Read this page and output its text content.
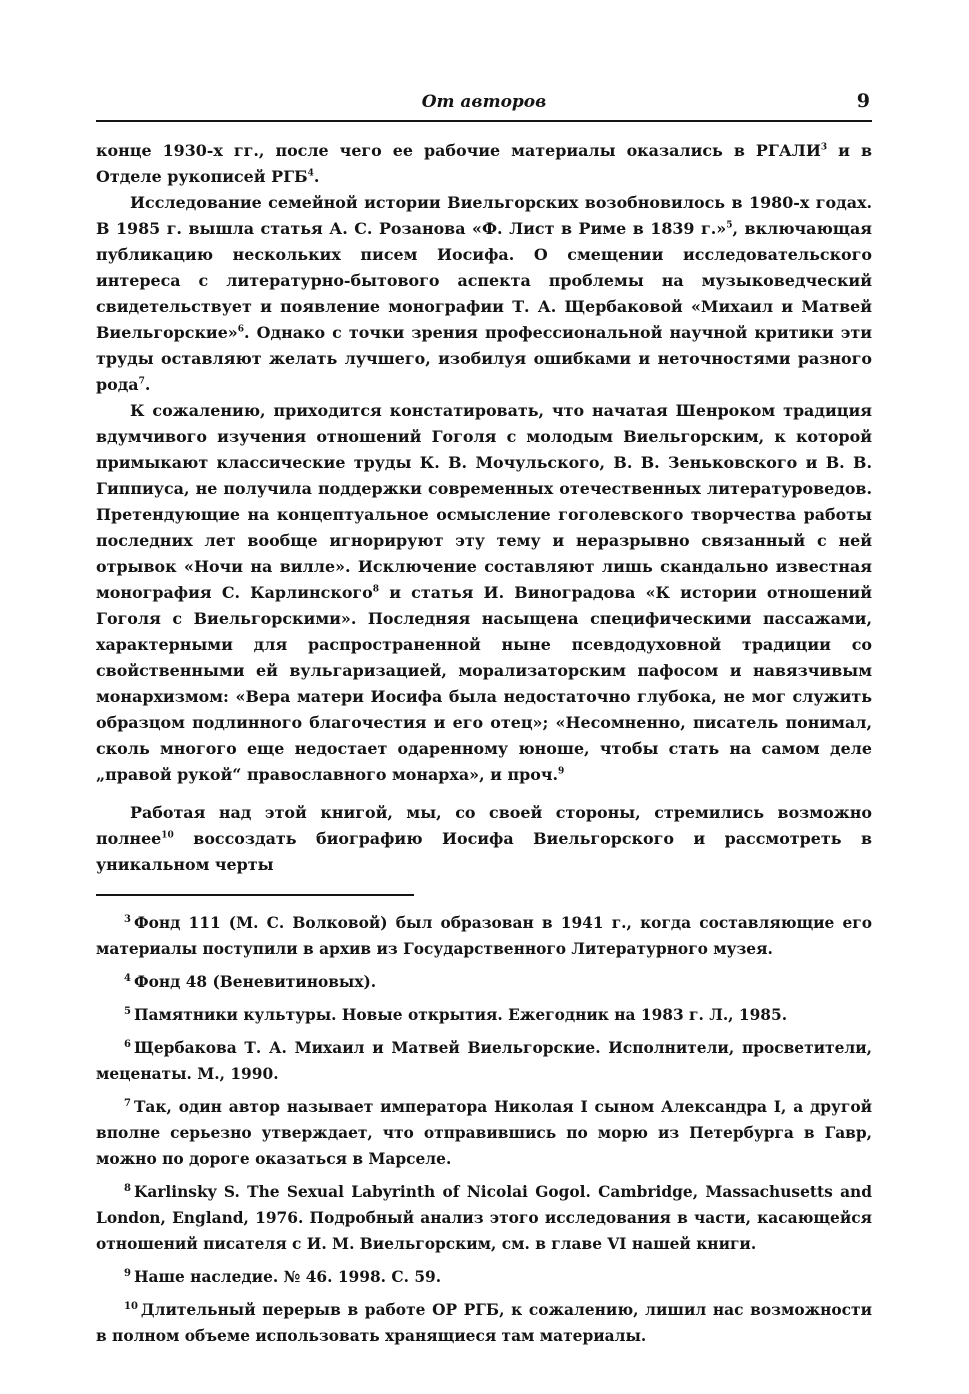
От авторов	9

конце 1930-х гг., после чего ее рабочие материалы оказались в РГАЛИ$^3$ и в Отделе рукописей РГБ$^4$.

Исследование семейной истории Виельгорских возобновилось в 1980-х годах. В 1985 г. вышла статья А. С. Розанова «Ф. Лист в Риме в 1839 г.»$^5$, включающая публикацию нескольких писем Иосифа. О смещении исследовательского интереса с литературно-бытового аспекта проблемы на музыковедческий свидетельствует и появление монографии Т. А. Щербаковой «Михаил и Матвей Виельгорские»$^6$. Однако с точки зрения профессиональной научной критики эти труды оставляют желать лучшего, изобилуя ошибками и неточностями разного рода$^7$.

К сожалению, приходится констатировать, что начатая Шенроком традиция вдумчивого изучения отношений Гоголя с молодым Виельгорским, к которой примыкают классические труды К. В. Мочульского, В. В. Зеньковского и В. В. Гиппиуса, не получила поддержки современных отечественных литературоведов. Претендующие на концептуальное осмысление гоголевского творчества работы последних лет вообще игнорируют эту тему и неразрывно связанный с ней отрывок «Ночи на вилле». Исключение составляют лишь скандально известная монография С. Карлинского$^8$ и статья И. Виноградова «К истории отношений Гоголя с Виельгорскими». Последняя насыщена специфическими пассажами, характерными для распространенной ныне псевдодуховной традиции со свойственными ей вульгаризацией, морализаторским пафосом и навязчивым монархизмом: «Вера матери Иосифа была недостаточно глубока, не мог служить образцом подлинного благочестия и его отец»; «Несомненно, писатель понимал, сколь многого еще недостает одаренному юноше, чтобы стать на самом деле „правой рукой“ православного монарха», и проч.$^9$

Работая над этой книгой, мы, со своей стороны, стремились возможно полнее$^{10}$ воссоздать биографию Иосифа Виельгорского и рассмотреть в уникальном черты

$^3$ Фонд 111 (М. С. Волковой) был образован в 1941 г., когда составляющие его материалы поступили в архив из Государственного Литературного музея.

$^4$ Фонд 48 (Веневитиновых).

$^5$ Памятники культуры. Новые открытия. Ежегодник на 1983 г. Л., 1985.

$^6$ Щербакова Т. А. Михаил и Матвей Виельгорские. Исполнители, просветители, меценаты. М., 1990.

$^7$ Так, один автор называет императора Николая I сыном Александра I, а другой вполне серьезно утверждает, что отправившись по морю из Петербурга в Гавр, можно по дороге оказаться в Марселе.

$^8$ Karlinsky S. The Sexual Labyrinth of Nicolai Gogol. Cambridge, Massachusetts and London, England, 1976. Подробный анализ этого исследования в части, касающейся отношений писателя с И. М. Виельгорским, см. в главе VI нашей книги.

$^9$ Наше наследие. № 46. 1998. С. 59.

$^{10}$ Длительный перерыв в работе ОР РГБ, к сожалению, лишил нас возможности в полном объеме использовать хранящиеся там материалы.
